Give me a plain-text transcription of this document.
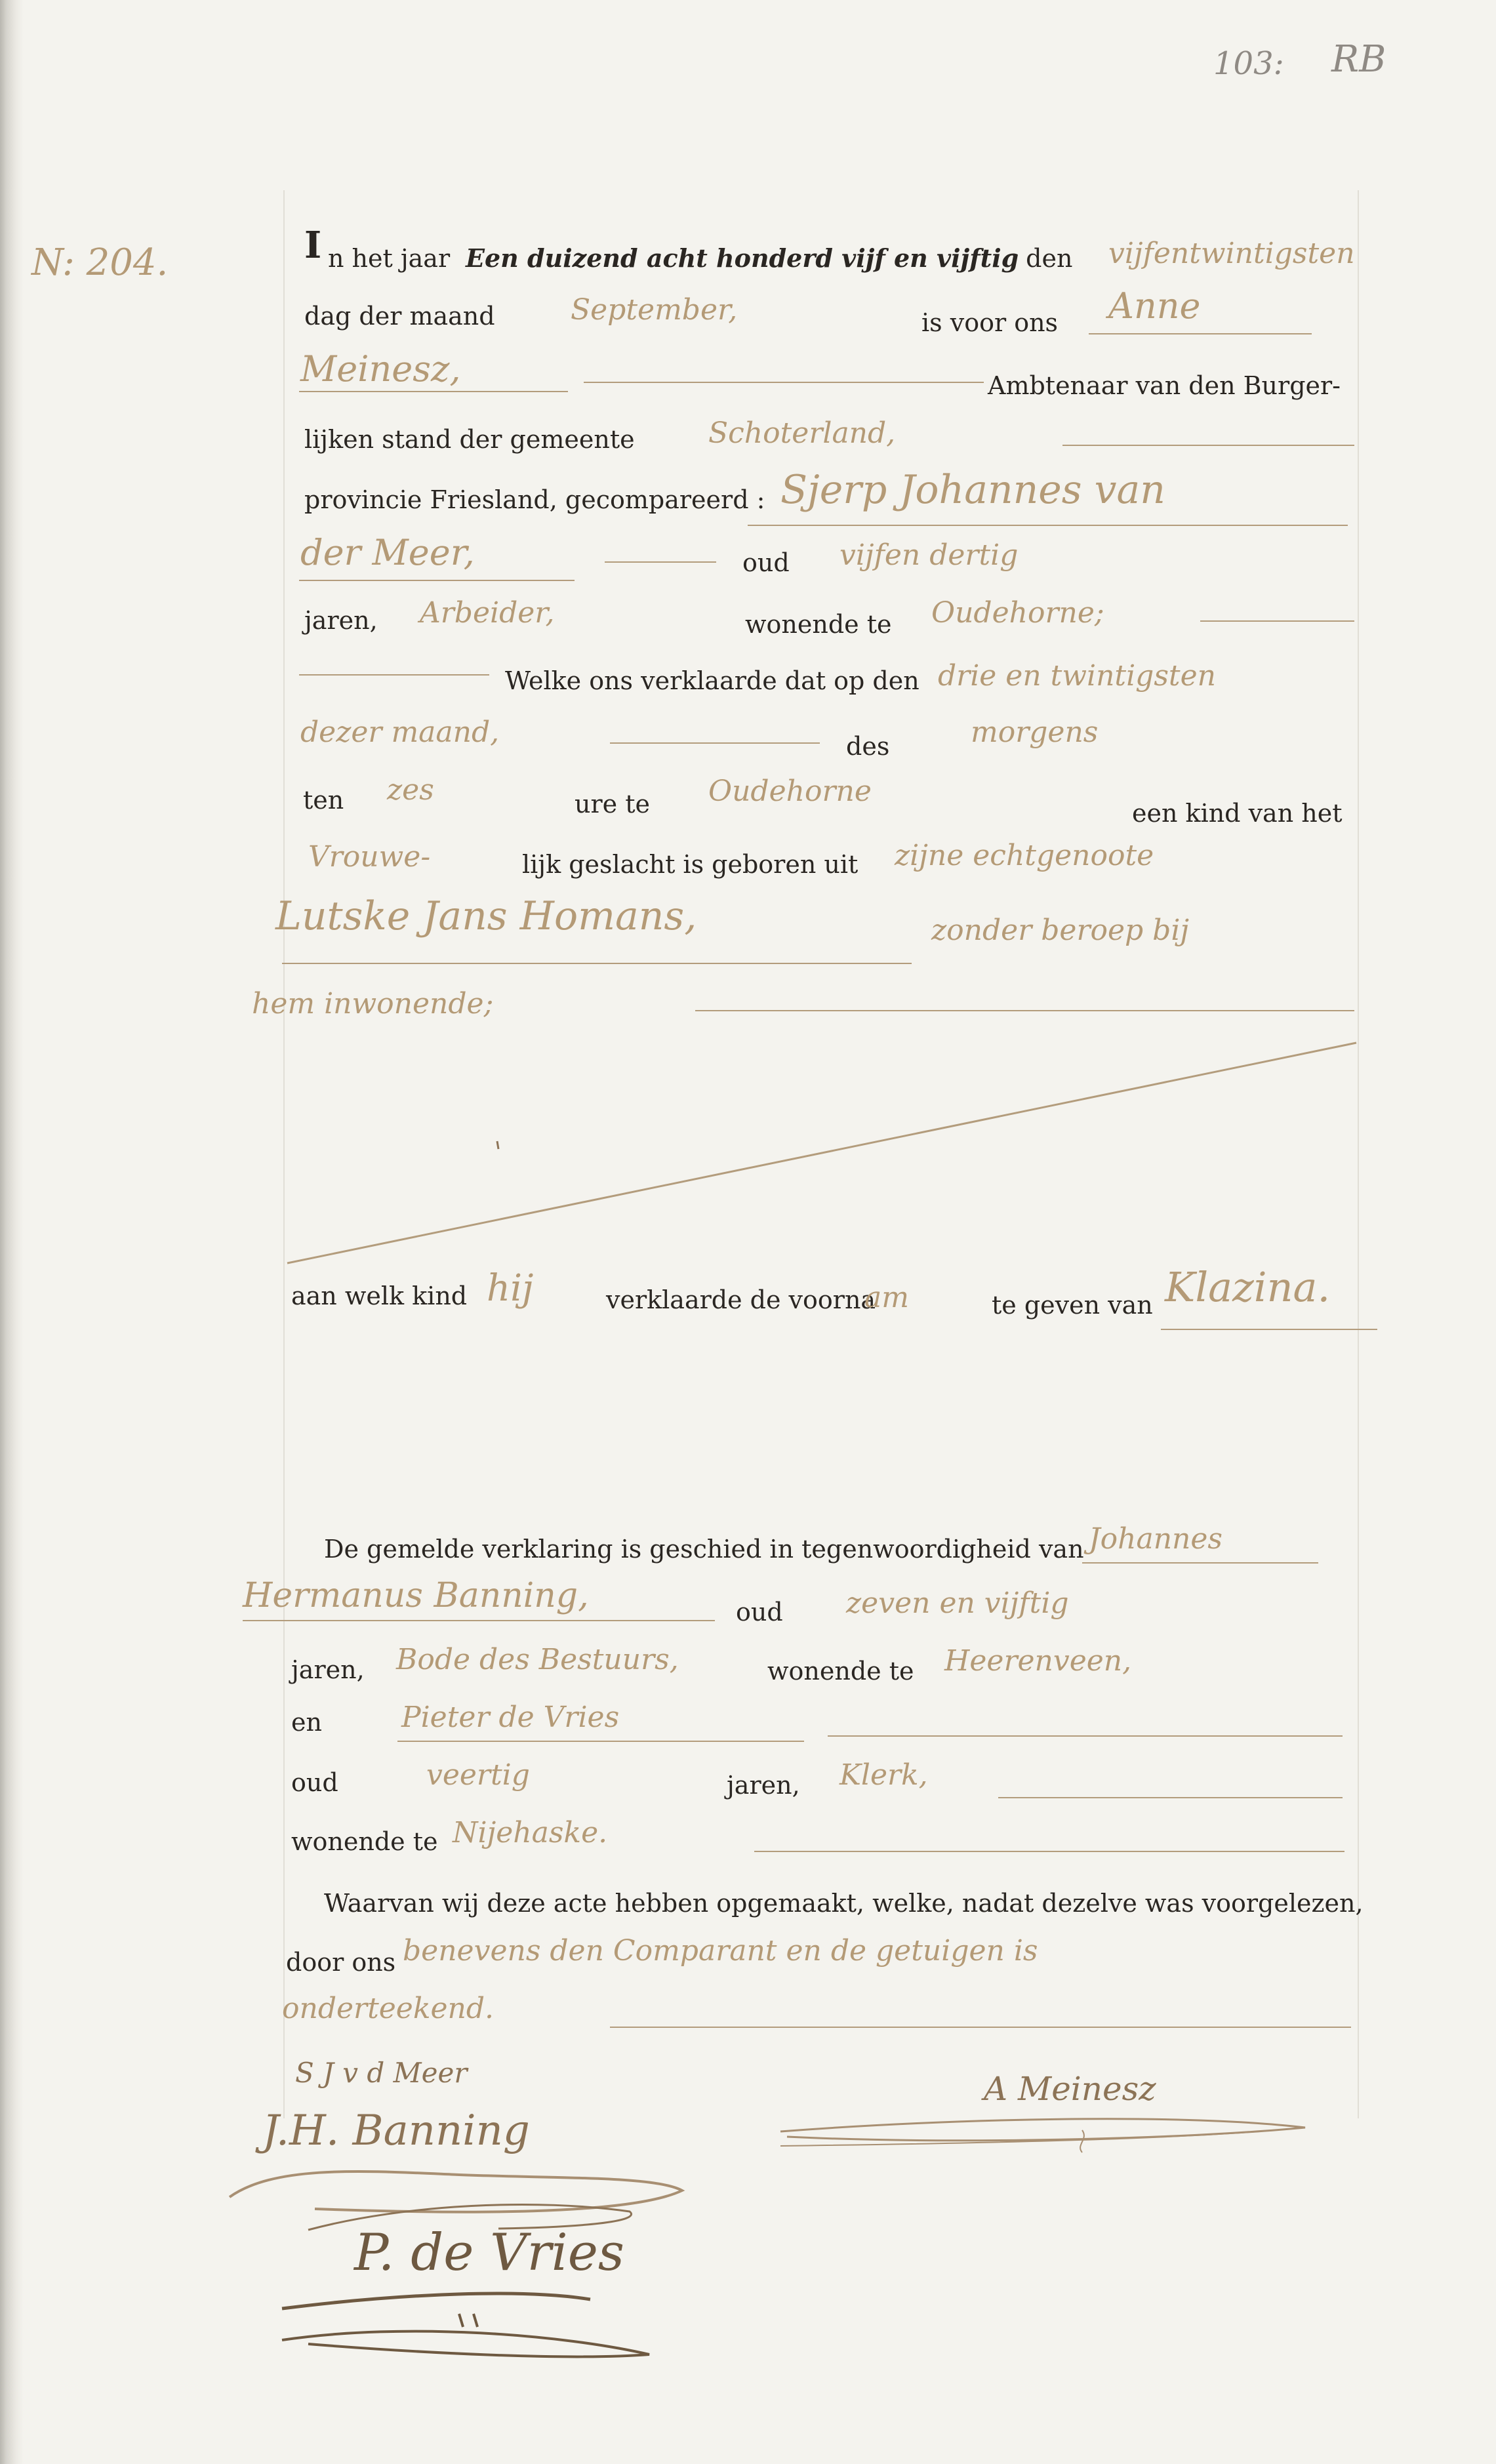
103: RB
N: 204.	I n het jaar Een duizend acht honderd vijf en vijftig
, den vijfentwintigsten
dag der maand	September,	is voor ons Anne
Meinesz,	Ambtenaar van den Burger-
lijken stand der gemeente	Schoterland,
provincie Friesland, gecompareerd : Sjerp Johannes van
der Meer,	oud vijfen dertig
jaren, Arbeider,	wonende te Oudehorne;
Welke ons verklaarde dat op den drie en twintigsten
dezer maand,	des	morgens
ten zes	ure te Oudehorne
een kind van het
Vrouwe-	lijk geslacht is geboren uit zijne echtgenoote
Lutske Jans Homans,	zonder beroep bij
hem inwonende;
aan welk kind hij	verklaarde de voorna
am	te geven van Klazina.
De gemelde verklaring is geschied in tegenwoordigheid van Johannes
Hermanus Banning,	oud zeven en vijftig
jaren, Bode des Bestuurs,	wonende te Heerenveen,
en	Pieter de Vries
oud	veertig	jaren, Klerk,
wonende te Nijehaske.
Waarvan wij deze acte hebben opgemaakt, welke, nadat dezelve was voorgelezen,
door ons benevens den Comparant en de getuigen is
onderteekend.
S J v d Meer	A Meinesz
J.H. Banning
P. de Vries
